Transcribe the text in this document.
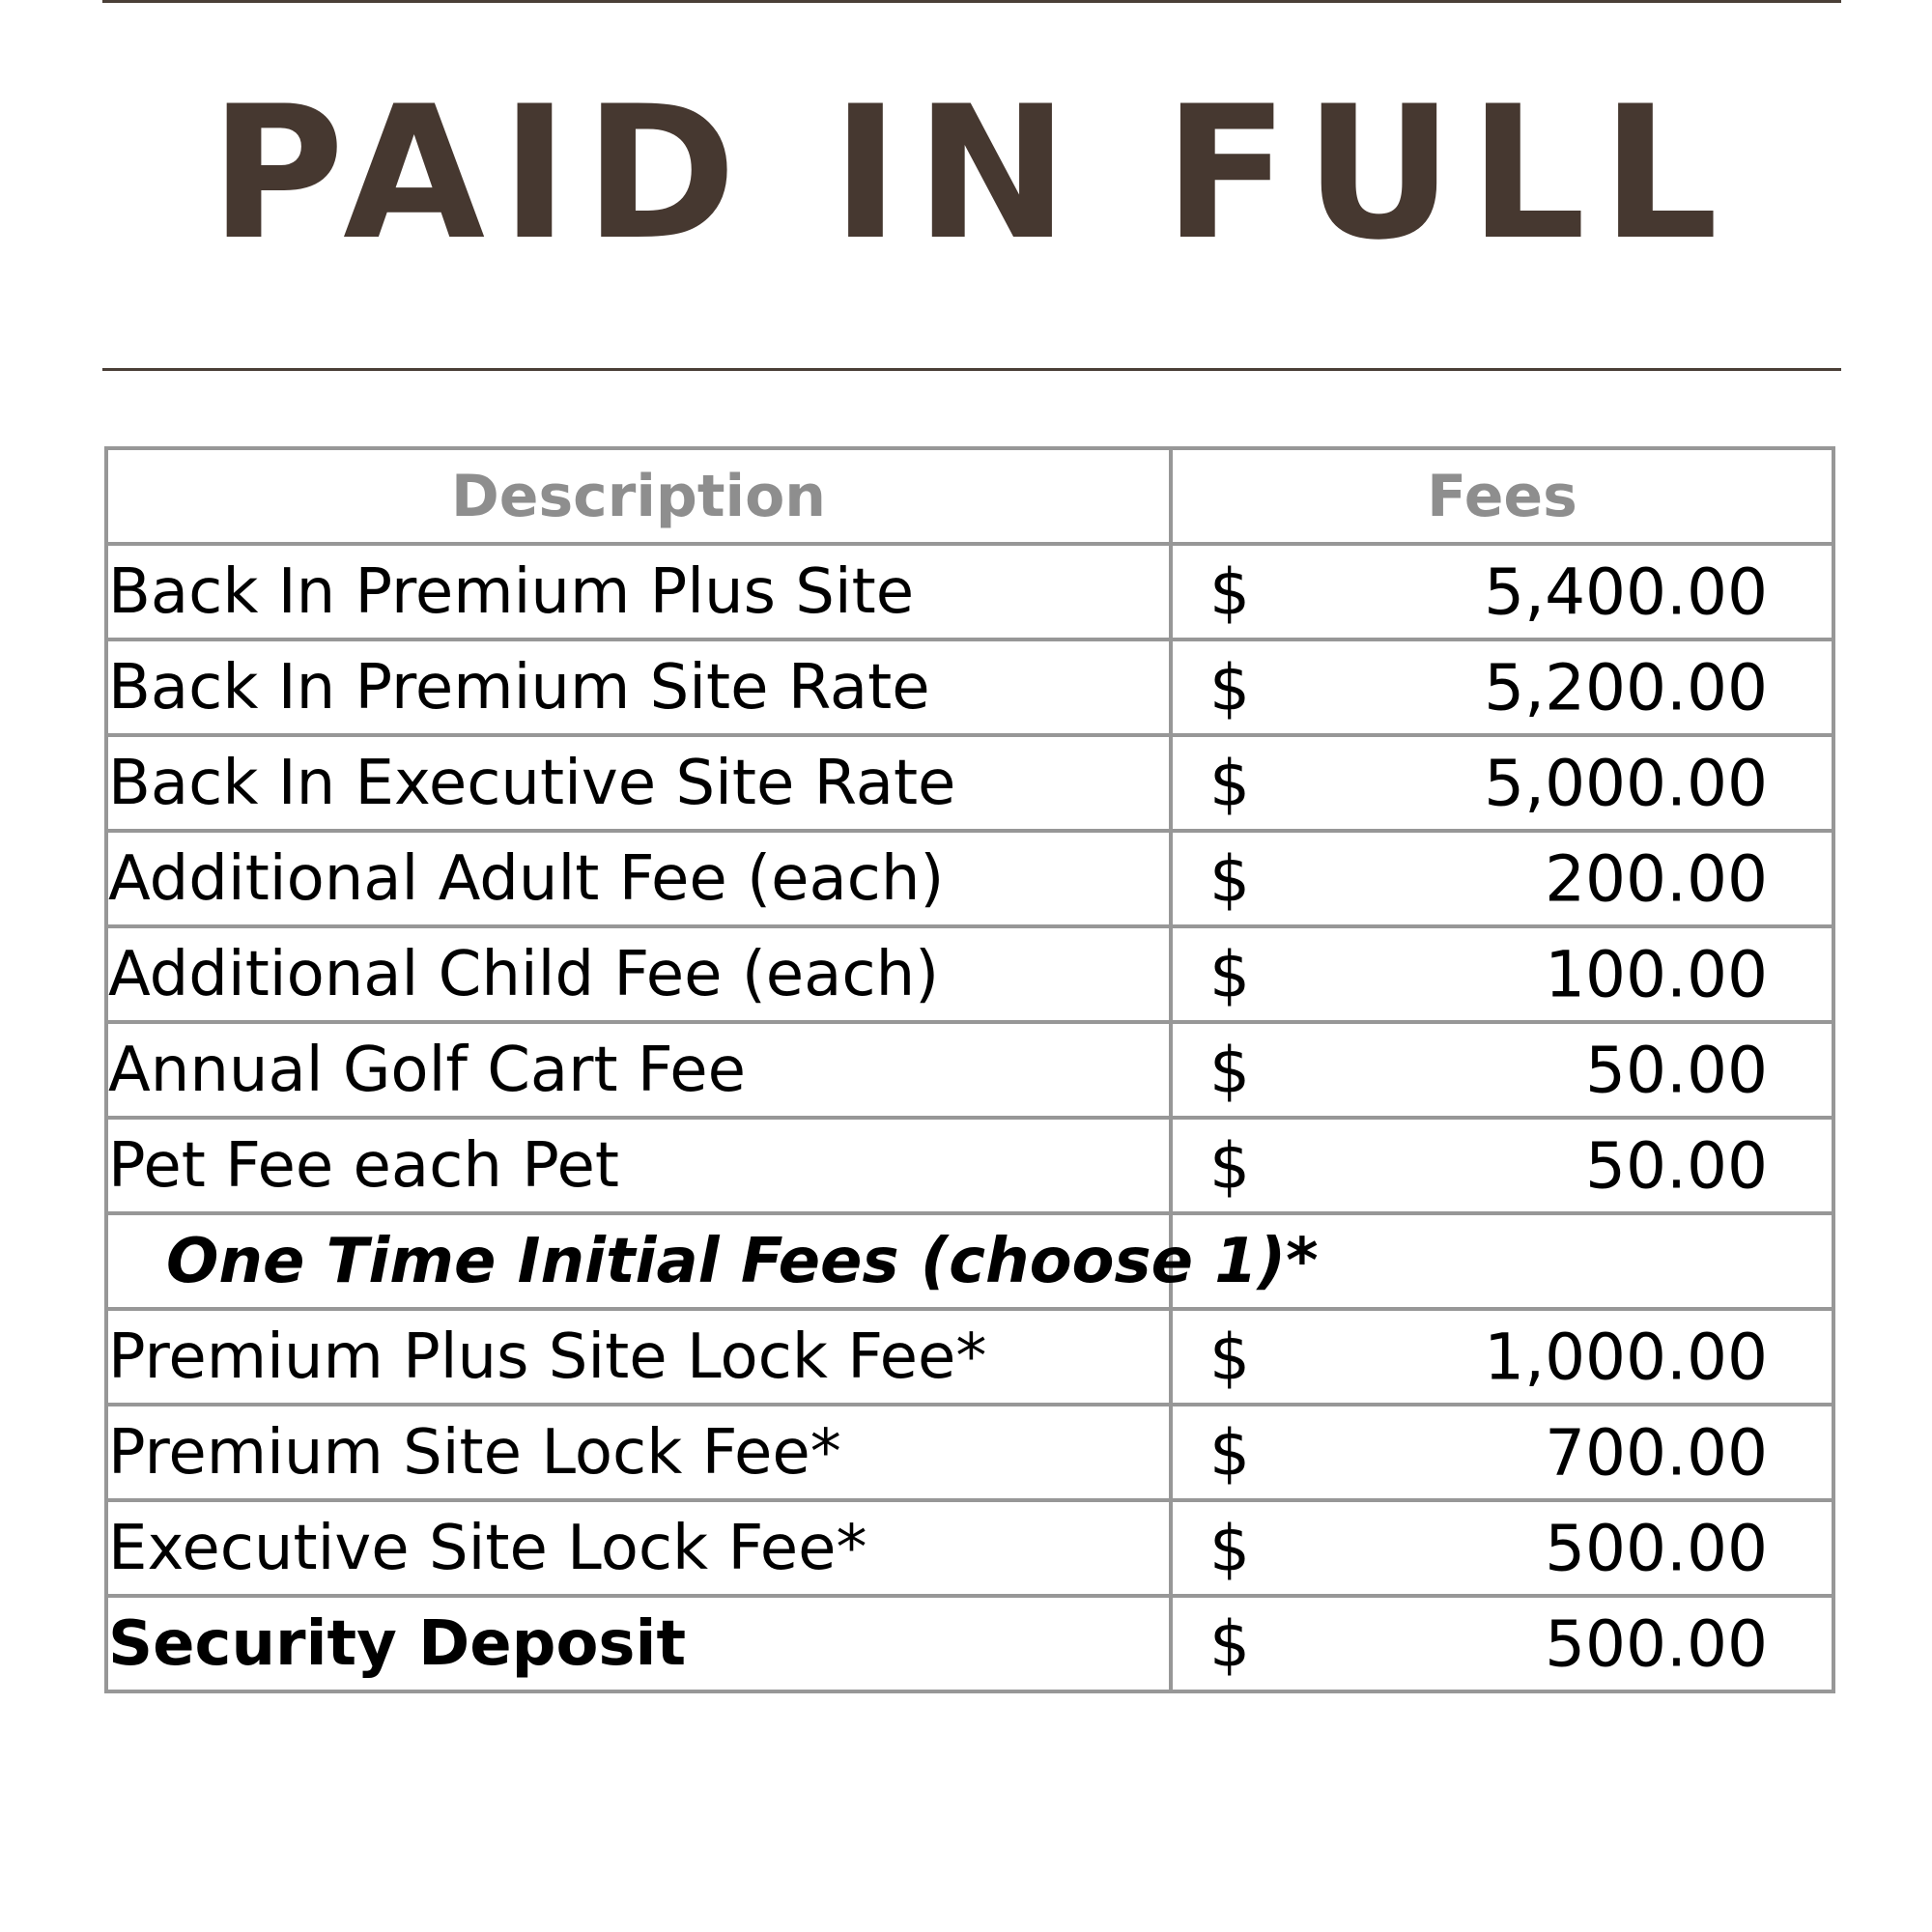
PAID IN FULL
Description	Fees
Back In Premium Plus Site	$ 5,400.00

Back In Premium Site Rate	$ 5,200.00

Back In Executive Site Rate	$ 5,000.00

Additional Adult Fee (each)	$ 200.00

Additional Child Fee (each)	$ 100.00

Annual Golf Cart Fee	$ 50.00

Pet Fee each Pet	$ 50.00

One Time Initial Fees (choose 1)*	
Premium Plus Site Lock Fee*	$ 1,000.00

Premium Site Lock Fee*	$ 700.00

Executive Site Lock Fee*	$ 500.00

Security Deposit	$ 500.00
